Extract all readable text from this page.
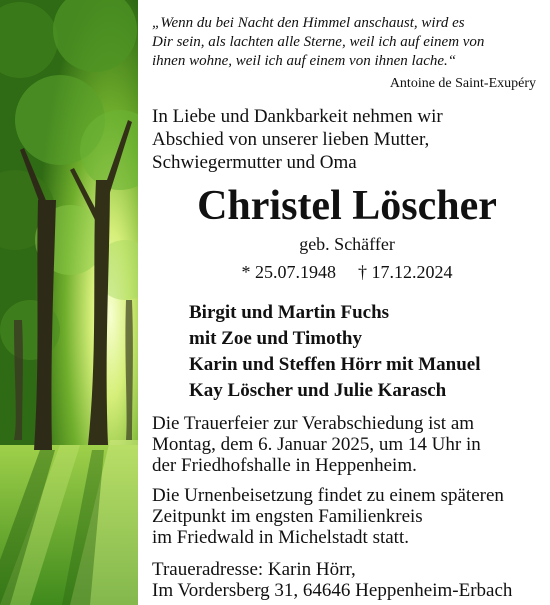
„Wenn du bei Nacht den Himmel anschaust, wird es
Dir sein, als lachten alle Sterne, weil ich auf einem von
ihnen wohne, weil ich auf einem von ihnen lache.“
Antoine de Saint-Exupéry
In Liebe und Dankbarkeit nehmen wir
Abschied von unserer lieben Mutter,
Schwiegermutter und Oma
Christel Löscher
geb. Schäffer
* 25.07.1948 † 17.12.2024
Birgit und Martin Fuchs
mit Zoe und Timothy
Karin und Steffen Hörr mit Manuel
Kay Löscher und Julie Karasch
Die Trauerfeier zur Verabschiedung ist am
Montag, dem 6. Januar 2025, um 14 Uhr in
der Friedhofshalle in Heppenheim.
Die Urnenbeisetzung findet zu einem späteren
Zeitpunkt im engsten Familienkreis
im Friedwald in Michelstadt statt.
Traueradresse: Karin Hörr,
Im Vordersberg 31, 64646 Heppenheim-Erbach
